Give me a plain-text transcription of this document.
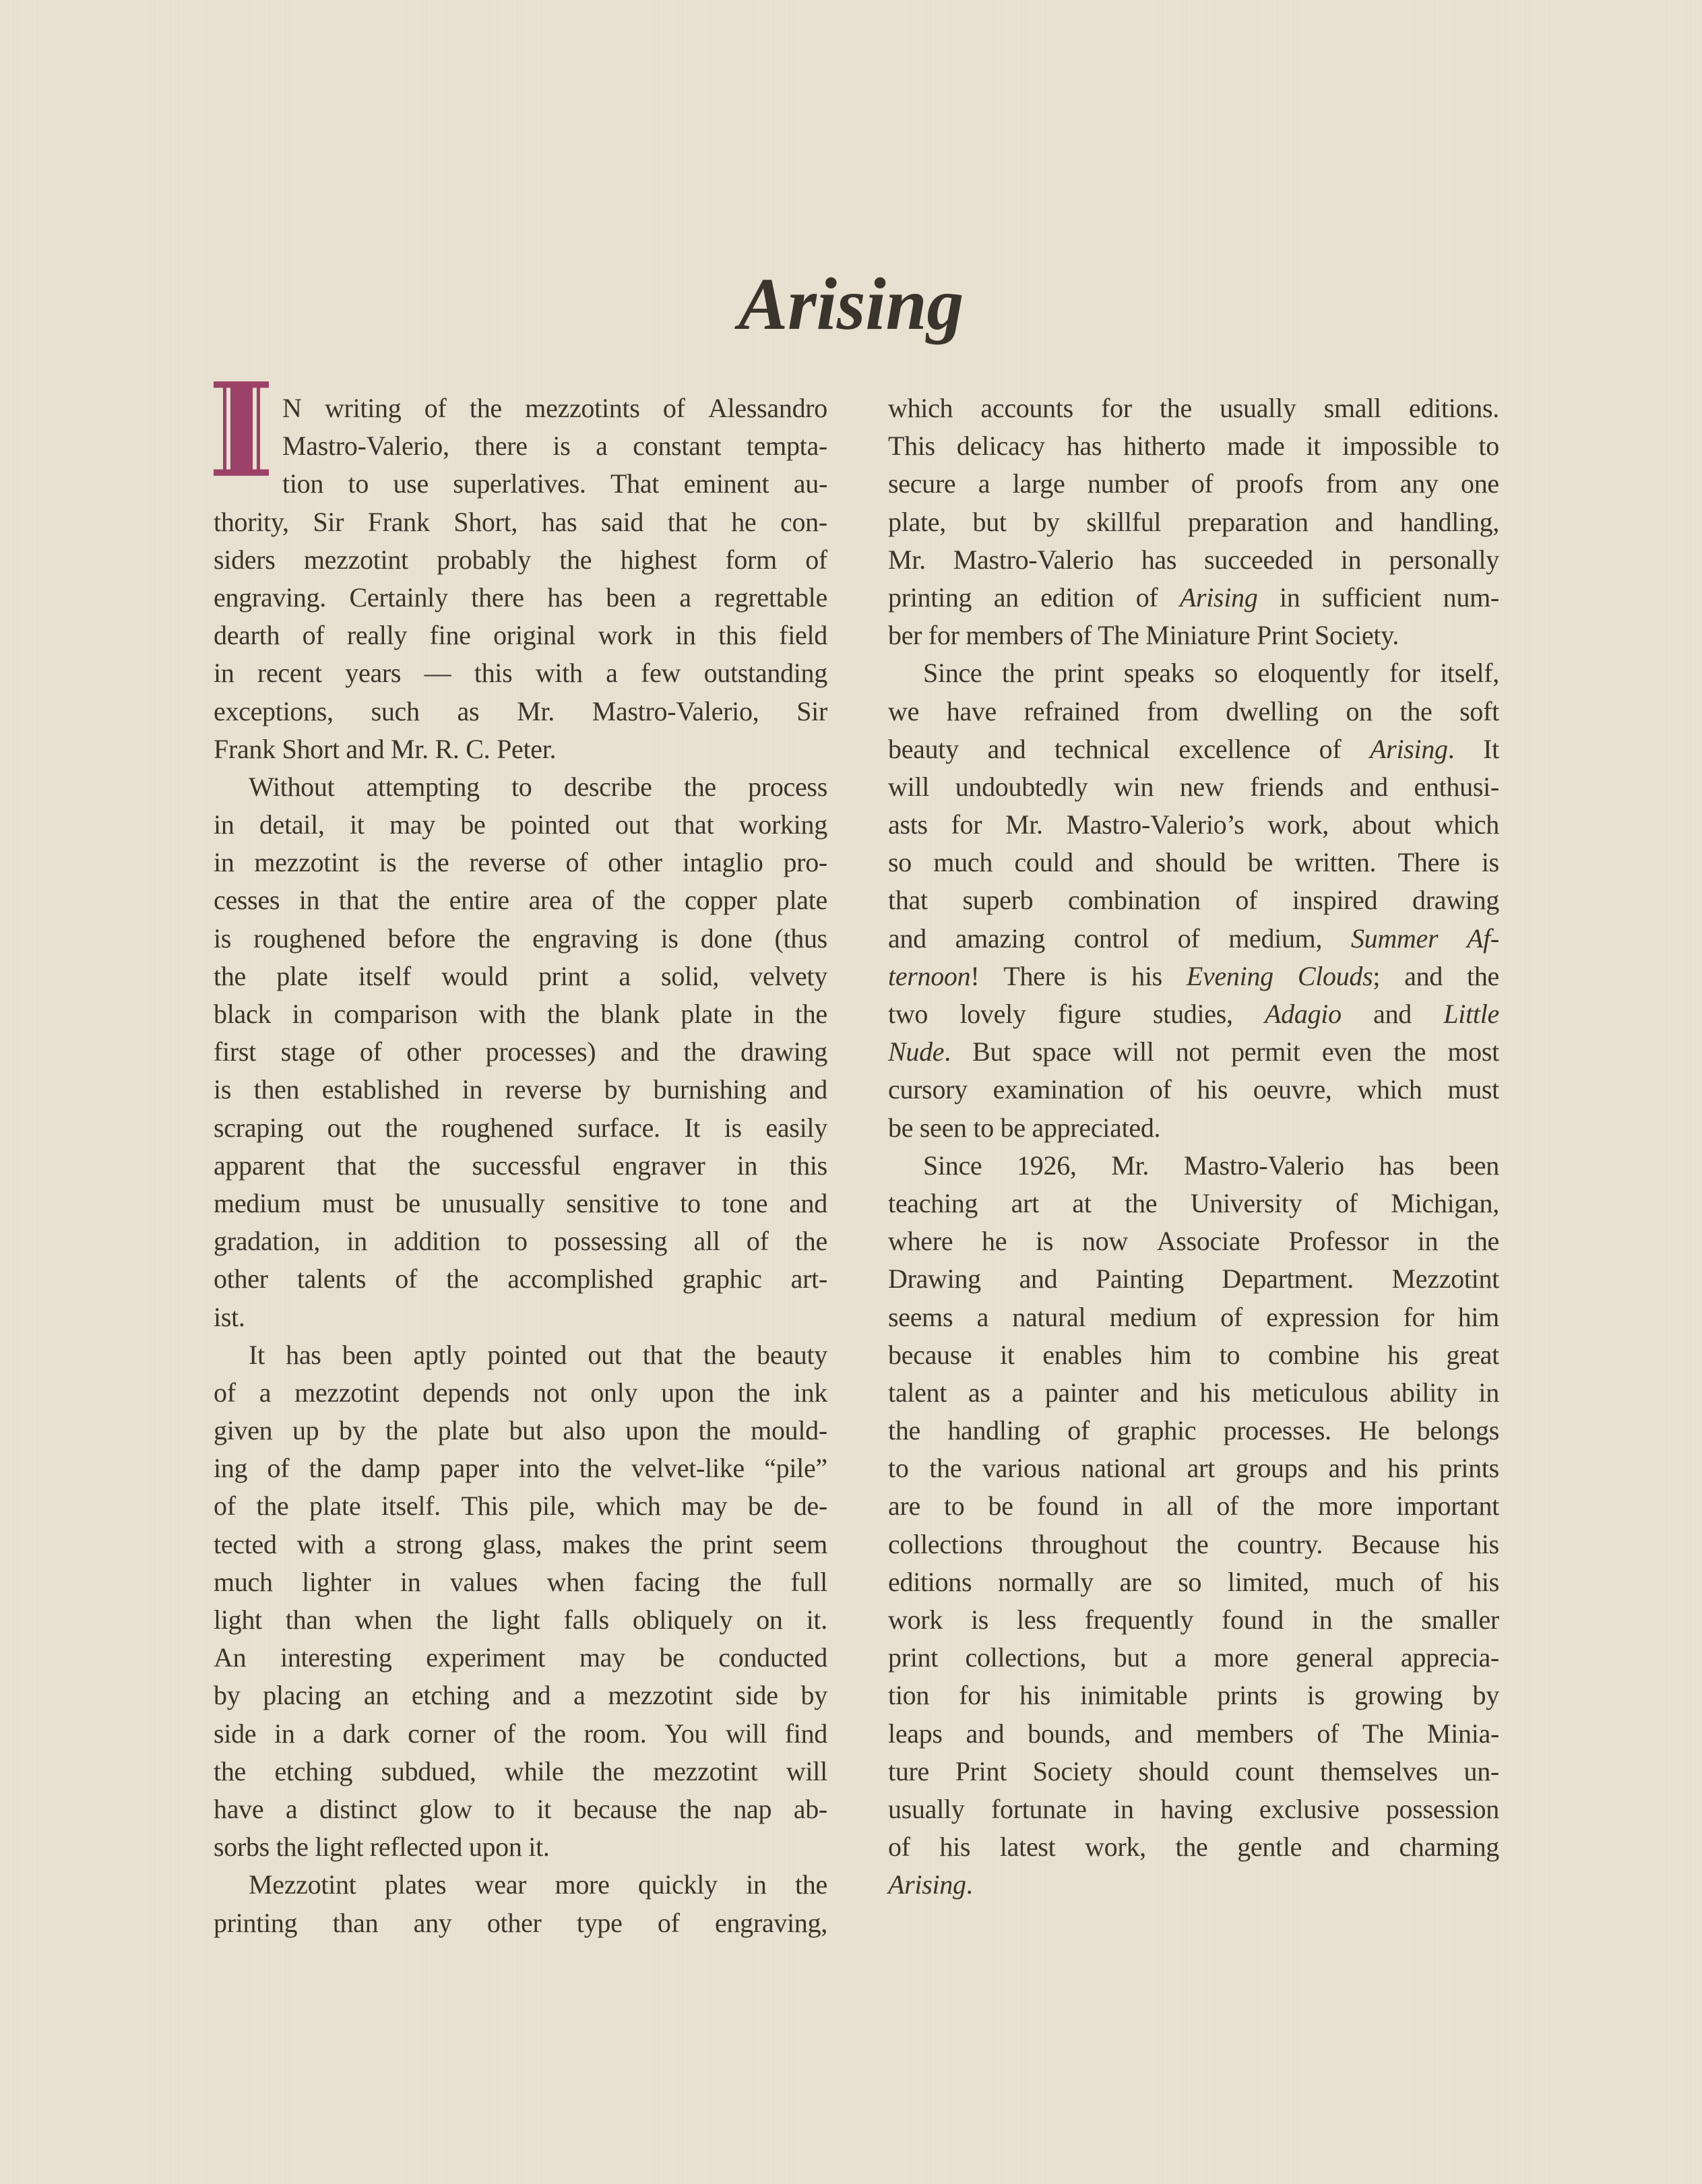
Arising
N writing of the mezzotints of Alessandro
Mastro-Valerio, there is a constant tempta-
tion to use superlatives. That eminent au-
thority, Sir Frank Short, has said that he con-
siders mezzotint probably the highest form of
engraving. Certainly there has been a regrettable
dearth of really fine original work in this field
in recent years — this with a few outstanding
exceptions, such as Mr. Mastro-Valerio, Sir
Frank Short and Mr. R. C. Peter.
Without attempting to describe the process
in detail, it may be pointed out that working
in mezzotint is the reverse of other intaglio pro-
cesses in that the entire area of the copper plate
is roughened before the engraving is done (thus
the plate itself would print a solid, velvety
black in comparison with the blank plate in the
first stage of other processes) and the drawing
is then established in reverse by burnishing and
scraping out the roughened surface. It is easily
apparent that the successful engraver in this
medium must be unusually sensitive to tone and
gradation, in addition to possessing all of the
other talents of the accomplished graphic art-
ist.
It has been aptly pointed out that the beauty
of a mezzotint depends not only upon the ink
given up by the plate but also upon the mould-
ing of the damp paper into the velvet-like “pile”
of the plate itself. This pile, which may be de-
tected with a strong glass, makes the print seem
much lighter in values when facing the full
light than when the light falls obliquely on it.
An interesting experiment may be conducted
by placing an etching and a mezzotint side by
side in a dark corner of the room. You will find
the etching subdued, while the mezzotint will
have a distinct glow to it because the nap ab-
sorbs the light reflected upon it.
Mezzotint plates wear more quickly in the
printing than any other type of engraving,
which accounts for the usually small editions.
This delicacy has hitherto made it impossible to
secure a large number of proofs from any one
plate, but by skillful preparation and handling,
Mr. Mastro-Valerio has succeeded in personally
printing an edition of Arising in sufficient num-
ber for members of The Miniature Print Society.
Since the print speaks so eloquently for itself,
we have refrained from dwelling on the soft
beauty and technical excellence of Arising. It
will undoubtedly win new friends and enthusi-
asts for Mr. Mastro-Valerio’s work, about which
so much could and should be written. There is
that superb combination of inspired drawing
and amazing control of medium, Summer Af-
ternoon! There is his Evening Clouds; and the
two lovely figure studies, Adagio and Little
Nude. But space will not permit even the most
cursory examination of his oeuvre, which must
be seen to be appreciated.
Since 1926, Mr. Mastro-Valerio has been
teaching art at the University of Michigan,
where he is now Associate Professor in the
Drawing and Painting Department. Mezzotint
seems a natural medium of expression for him
because it enables him to combine his great
talent as a painter and his meticulous ability in
the handling of graphic processes. He belongs
to the various national art groups and his prints
are to be found in all of the more important
collections throughout the country. Because his
editions normally are so limited, much of his
work is less frequently found in the smaller
print collections, but a more general apprecia-
tion for his inimitable prints is growing by
leaps and bounds, and members of The Minia-
ture Print Society should count themselves un-
usually fortunate in having exclusive possession
of his latest work, the gentle and charming
Arising.
